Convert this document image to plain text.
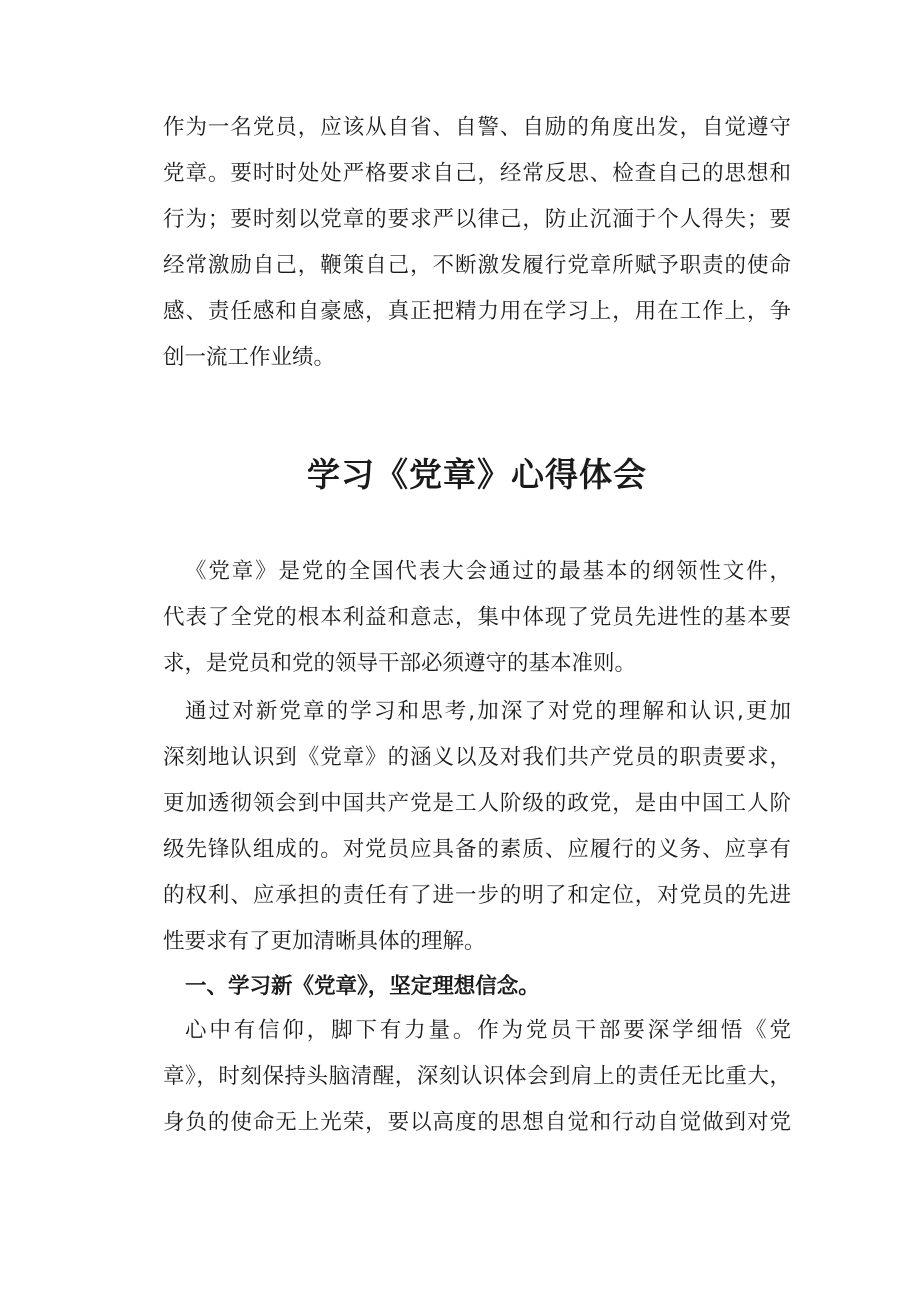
作为一名党员，应该从自省、自警、自励的角度出发，自觉遵守
党章。要时时处处严格要求自己，经常反思、检查自己的思想和
行为；要时刻以党章的要求严以律己，防止沉湎于个人得失；要
经常激励自己，鞭策自己，不断激发履行党章所赋予职责的使命
感、责任感和自豪感，真正把精力用在学习上，用在工作上，争
创一流工作业绩。
学习《党章》心得体会
《党章》是党的全国代表大会通过的最基本的纲领性文件，
代表了全党的根本利益和意志，集中体现了党员先进性的基本要
求，是党员和党的领导干部必须遵守的基本准则。
通过对新党章的学习和思考,加深了对党的理解和认识,更加
深刻地认识到《党章》的涵义以及对我们共产党员的职责要求，
更加透彻领会到中国共产党是工人阶级的政党，是由中国工人阶
级先锋队组成的。对党员应具备的素质、应履行的义务、应享有
的权利、应承担的责任有了进一步的明了和定位，对党员的先进
性要求有了更加清晰具体的理解。
一、学习新《党章》，坚定理想信念。
心中有信仰，脚下有力量。作为党员干部要深学细悟《党
章》，时刻保持头脑清醒，深刻认识体会到肩上的责任无比重大，
身负的使命无上光荣，要以高度的思想自觉和行动自觉做到对党
